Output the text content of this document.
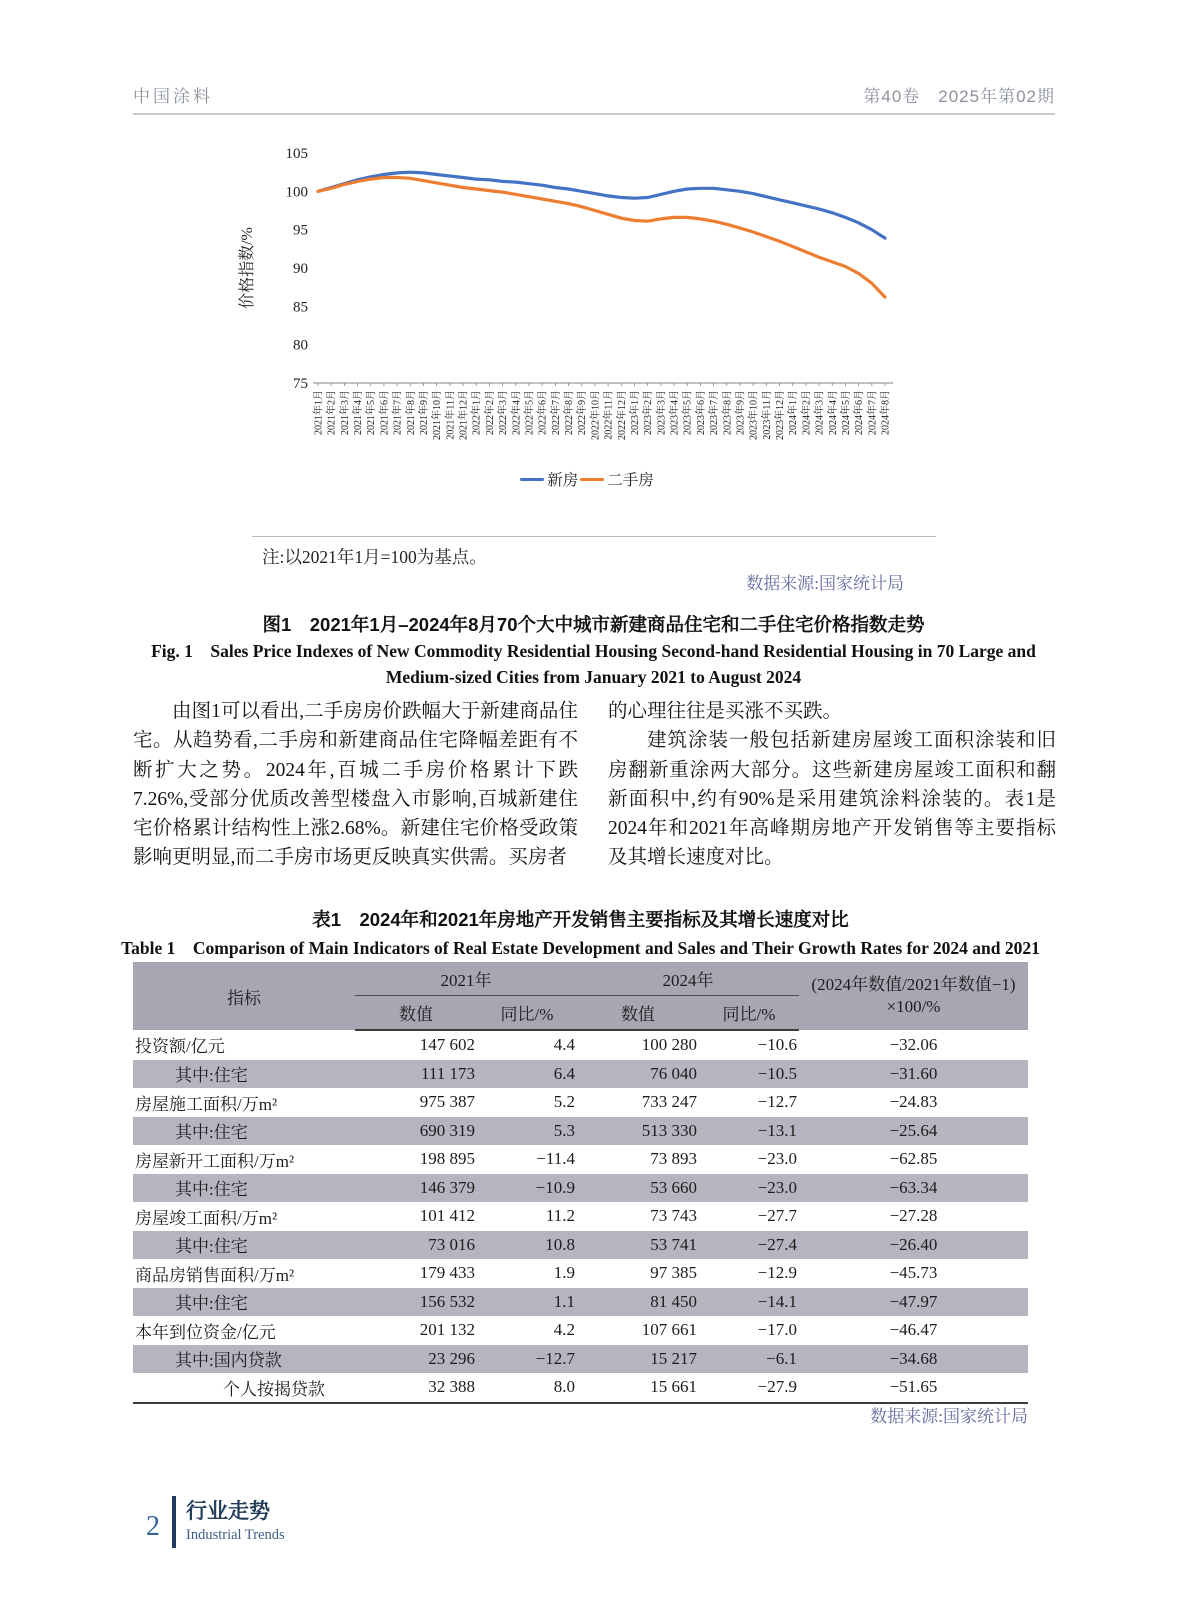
中国涂料	第40卷　2025年第02期
价格指数/%
105
100
95
90
85
80
75
2021年1月 2021年2月 2021年3月 2021年4月 2021年5月 2021年6月 2021年7月 2021年8月 2021年9月 2021年10月 2021年11月 2021年12月 2022年1月 2022年2月 2022年3月 2022年4月 2022年5月 2022年6月 2022年7月 2022年8月 2022年9月 2022年10月 2022年11月 2022年12月 2023年1月 2023年2月 2023年3月 2023年4月 2023年5月 2023年6月 2023年7月 2023年8月 2023年9月 2023年10月 2023年11月 2023年12月 2024年1月 2024年2月 2024年3月 2024年4月 2024年5月 2024年6月 2024年7月 2024年8月
新房 二手房
注:以2021年1月=100为基点。
数据来源:国家统计局
图1　2021年1月–2024年8月70个大中城市新建商品住宅和二手住宅价格指数走势
Fig. 1　Sales Price Indexes of New Commodity Residential Housing Second-hand Residential Housing in 70 Large and Medium-sized Cities from January 2021 to August 2024

由图1可以看出,二手房房价跌幅大于新建商品住宅。从趋势看,二手房和新建商品住宅降幅差距有不断扩大之势。2024年,百城二手房价格累计下跌7.26%,受部分优质改善型楼盘入市影响,百城新建住宅价格累计结构性上涨2.68%。新建住宅价格受政策影响更明显,而二手房市场更反映真实供需。买房者

的心理往往是买涨不买跌。

建筑涂装一般包括新建房屋竣工面积涂装和旧房翻新重涂两大部分。这些新建房屋竣工面积和翻新面积中,约有90%是采用建筑涂料涂装的。表1是2024年和2021年高峰期房地产开发销售等主要指标及其增长速度对比。

表1　2024年和2021年房地产开发销售主要指标及其增长速度对比
Table 1　Comparison of Main Indicators of Real Estate Development and Sales and Their Growth Rates for 2024 and 2021
指标	2021年		2024年		(2024年数值/2021年数值−1)
×100/%

	数值	同比/%	数值	同比/%	
投资额/亿元	147 602	4.4	100 280	−10.6	−32.06
其中:住宅	111 173	6.4	76 040	−10.5	−31.60
房屋施工面积/万m²	975 387	5.2	733 247	−12.7	−24.83
其中:住宅	690 319	5.3	513 330	−13.1	−25.64
房屋新开工面积/万m²	198 895	−11.4	73 893	−23.0	−62.85
其中:住宅	146 379	−10.9	53 660	−23.0	−63.34
房屋竣工面积/万m²	101 412	11.2	73 743	−27.7	−27.28
其中:住宅	73 016	10.8	53 741	−27.4	−26.40
商品房销售面积/万m²	179 433	1.9	97 385	−12.9	−45.73
其中:住宅	156 532	1.1	81 450	−14.1	−47.97
本年到位资金/亿元	201 132	4.2	107 661	−17.0	−46.47
其中:国内贷款	23 296	−12.7	15 217	−6.1	−34.68
个人按揭贷款	32 388	8.0	15 661	−27.9	−51.65
数据来源:国家统计局
2	行业走势
Industrial Trends
